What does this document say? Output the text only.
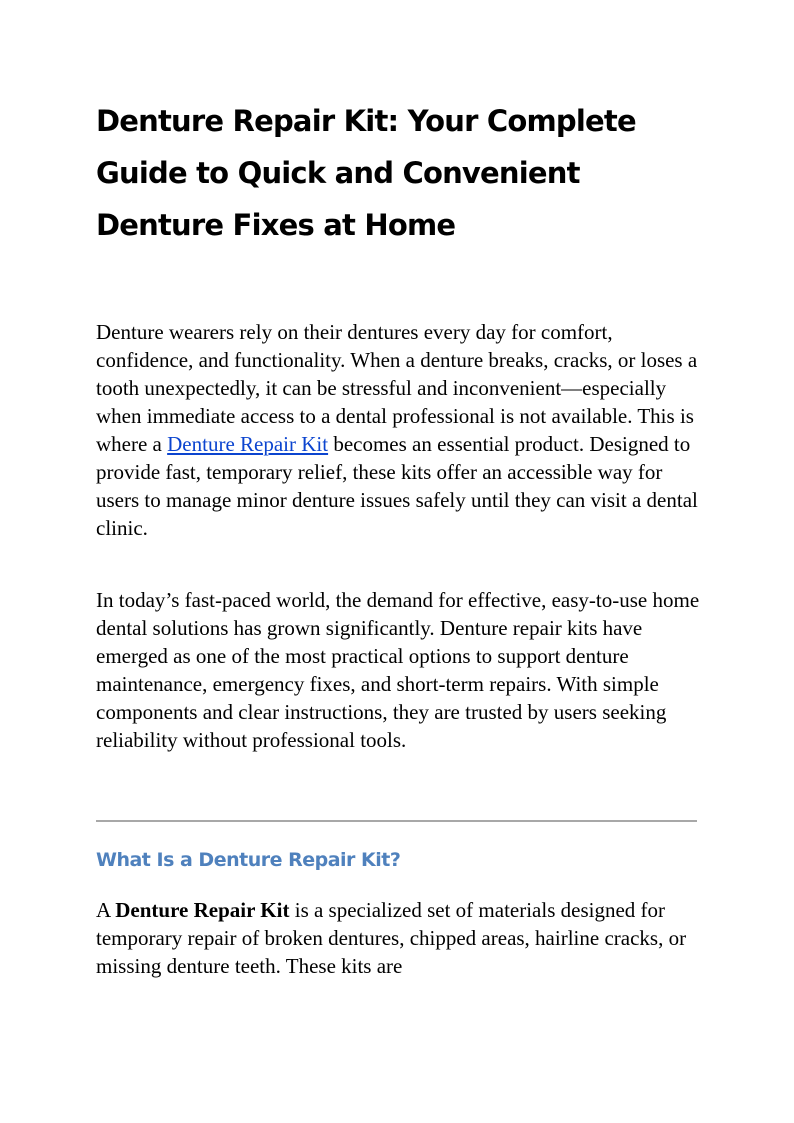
Denture Repair Kit: Your Complete Guide to Quick and Convenient Denture Fixes at Home

Denture wearers rely on their dentures every day for comfort, confidence, and functionality. When a denture breaks, cracks, or loses a tooth unexpectedly, it can be stressful and inconvenient—especially when immediate access to a dental professional is not available. This is where a Denture Repair Kit becomes an essential product. Designed to provide fast, temporary relief, these kits offer an accessible way for users to manage minor denture issues safely until they can visit a dental clinic.

In today’s fast-paced world, the demand for effective, easy-to-use home dental solutions has grown significantly. Denture repair kits have emerged as one of the most practical options to support denture maintenance, emergency fixes, and short-term repairs. With simple components and clear instructions, they are trusted by users seeking reliability without professional tools.

What Is a Denture Repair Kit?

A Denture Repair Kit is a specialized set of materials designed for temporary repair of broken dentures, chipped areas, hairline cracks, or missing denture teeth. These kits are
